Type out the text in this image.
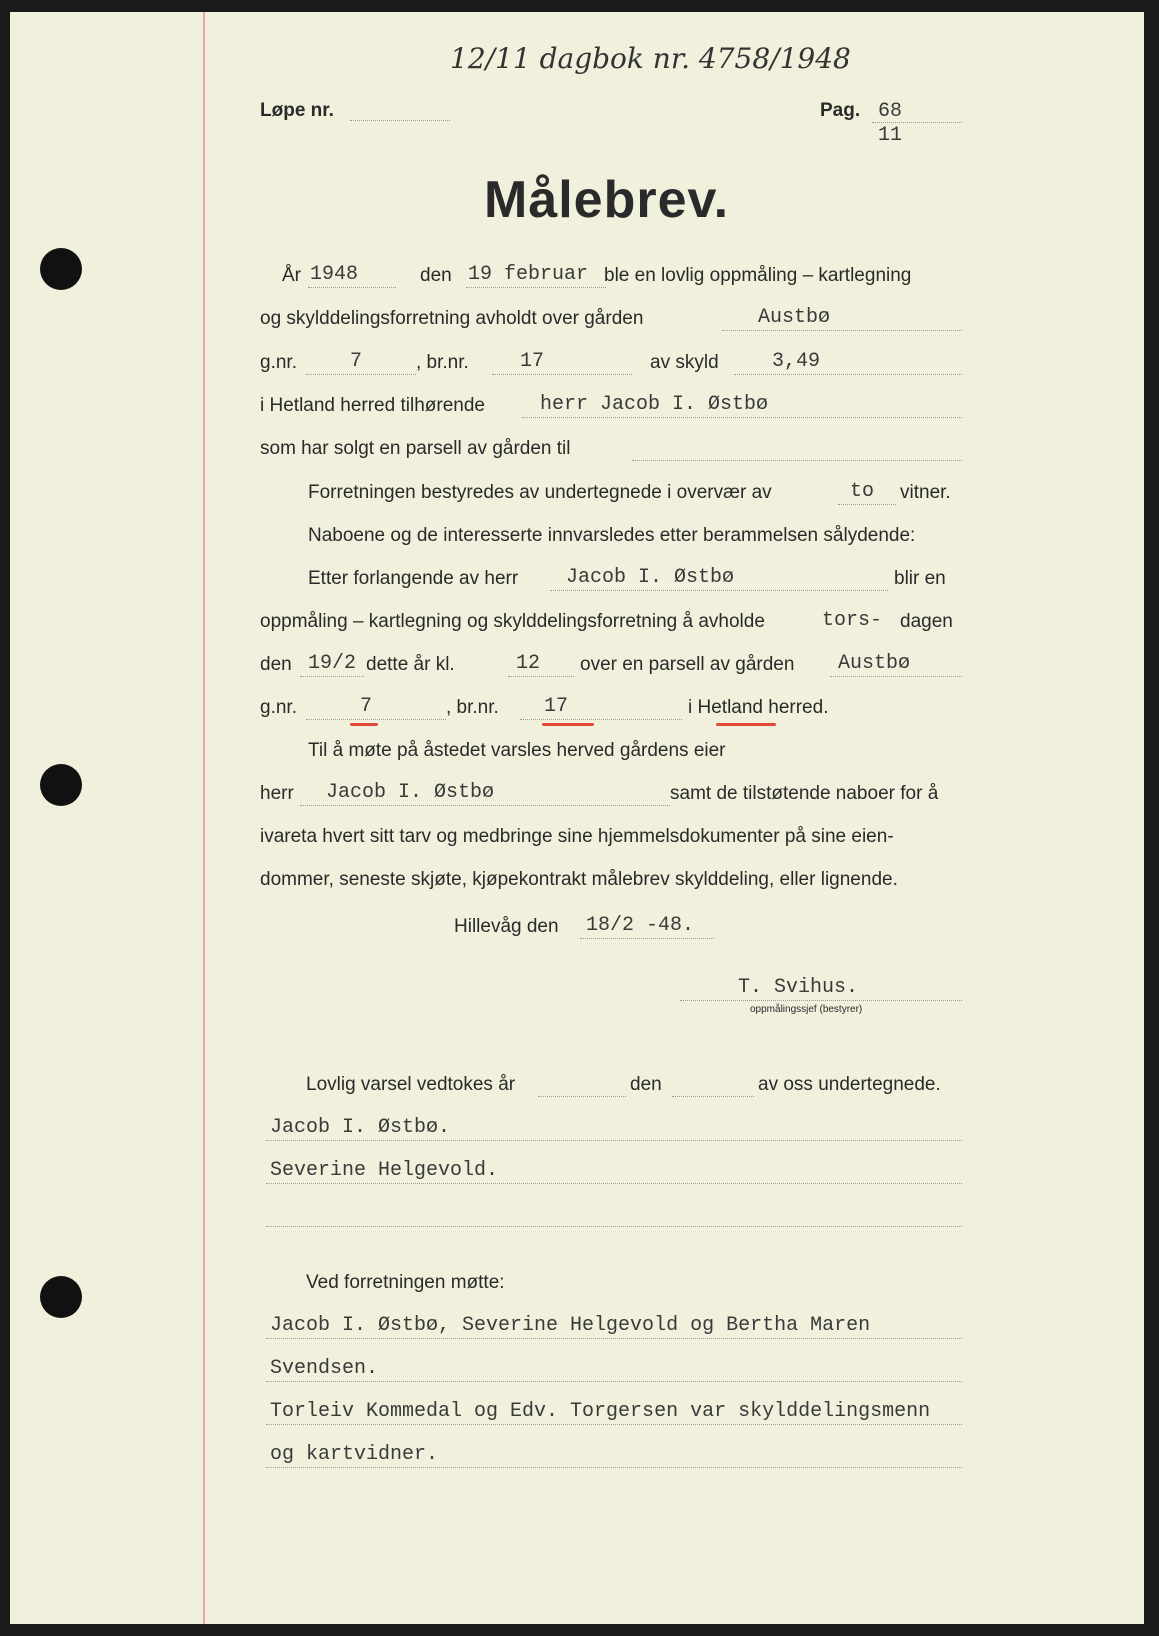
12/11 dagbok nr. 4758/1948
Løpe nr.	Pag. 68
11
Målebrev.
År 1948	den 19 februar ble en lovlig oppmåling – kartlegning
og skylddelingsforretning avholdt over gården	Austbø
g.nr.	7	, br.nr.	17	av skyld	3,49
i Hetland herred tilhørende	herr Jacob I. Østbø
som har solgt en parsell av gården til
Forretningen bestyredes av undertegnede i overvær av	to vitner.
Naboene og de interesserte innvarsledes etter berammelsen sålydende:
Etter forlangende av herr Jacob I. Østbø	blir en
oppmåling – kartlegning og skylddelingsforretning å avholde	tors- dagen
den 19/2 dette år kl.	12 over en parsell av gården Austbø
g.nr.	7	, br.nr. 17	i Hetland herred.
Til å møte på åstedet varsles herved gårdens eier
herr Jacob I. Østbø	samt de tilstøtende naboer for å
ivareta hvert sitt tarv og medbringe sine hjemmelsdokumenter på sine eien-
dommer, seneste skjøte, kjøpekontrakt målebrev skylddeling, eller lignende.
Hillevåg den 18/2 -48.
T. Svihus.
oppmålingssjef (bestyrer)
Lovlig varsel vedtokes år	den	av oss undertegnede.
Jacob I. Østbø.
Severine Helgevold.
Ved forretningen møtte:
Jacob I. Østbø, Severine Helgevold og Bertha Maren
Svendsen.
Torleiv Kommedal og Edv. Torgersen var skylddelingsmenn
og kartvidner.
